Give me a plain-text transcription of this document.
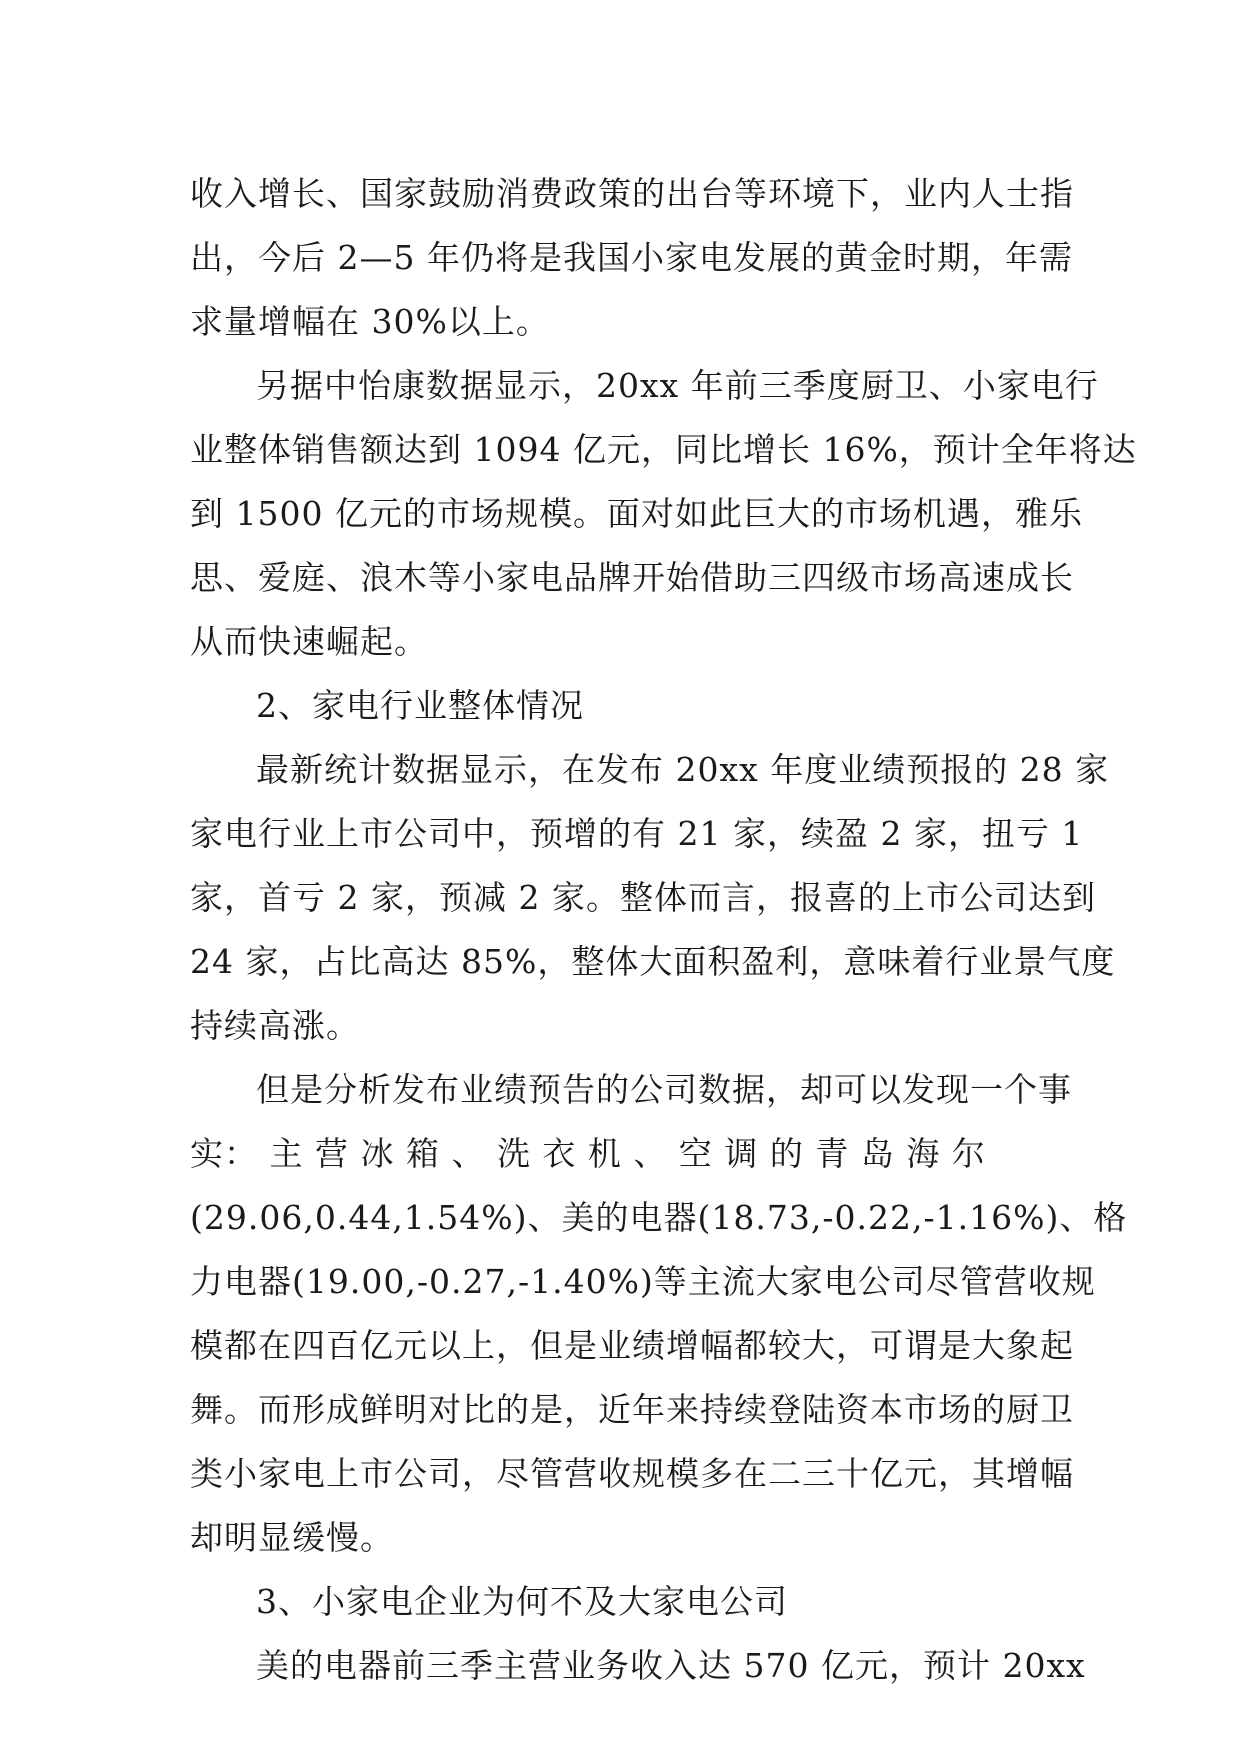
收入增长、国家鼓励消费政策的出台等环境下，业内人士指
出，今后 2—5 年仍将是我国小家电发展的黄金时期，年需
求量增幅在 30%以上。
另据中怡康数据显示，20xx 年前三季度厨卫、小家电行
业整体销售额达到 1094 亿元，同比增长 16%，预计全年将达
到 1500 亿元的市场规模。面对如此巨大的市场机遇，雅乐
思、爱庭、浪木等小家电品牌开始借助三四级市场高速成长
从而快速崛起。
2、家电行业整体情况
最新统计数据显示，在发布 20xx 年度业绩预报的 28 家
家电行业上市公司中，预增的有 21 家，续盈 2 家，扭亏 1
家，首亏 2 家，预减 2 家。整体而言，报喜的上市公司达到
24 家，占比高达 85%，整体大面积盈利，意味着行业景气度
持续高涨。
但是分析发布业绩预告的公司数据，却可以发现一个事
实： 主 营 冰 箱 、 洗 衣 机 、 空 调 的 青 岛 海 尔
(29.06,0.44,1.54%)、美的电器(18.73,-0.22,-1.16%)、格
力电器(19.00,-0.27,-1.40%)等主流大家电公司尽管营收规
模都在四百亿元以上，但是业绩增幅都较大，可谓是大象起
舞。而形成鲜明对比的是，近年来持续登陆资本市场的厨卫
类小家电上市公司，尽管营收规模多在二三十亿元，其增幅
却明显缓慢。
3、小家电企业为何不及大家电公司
美的电器前三季主营业务收入达 570 亿元，预计 20xx
